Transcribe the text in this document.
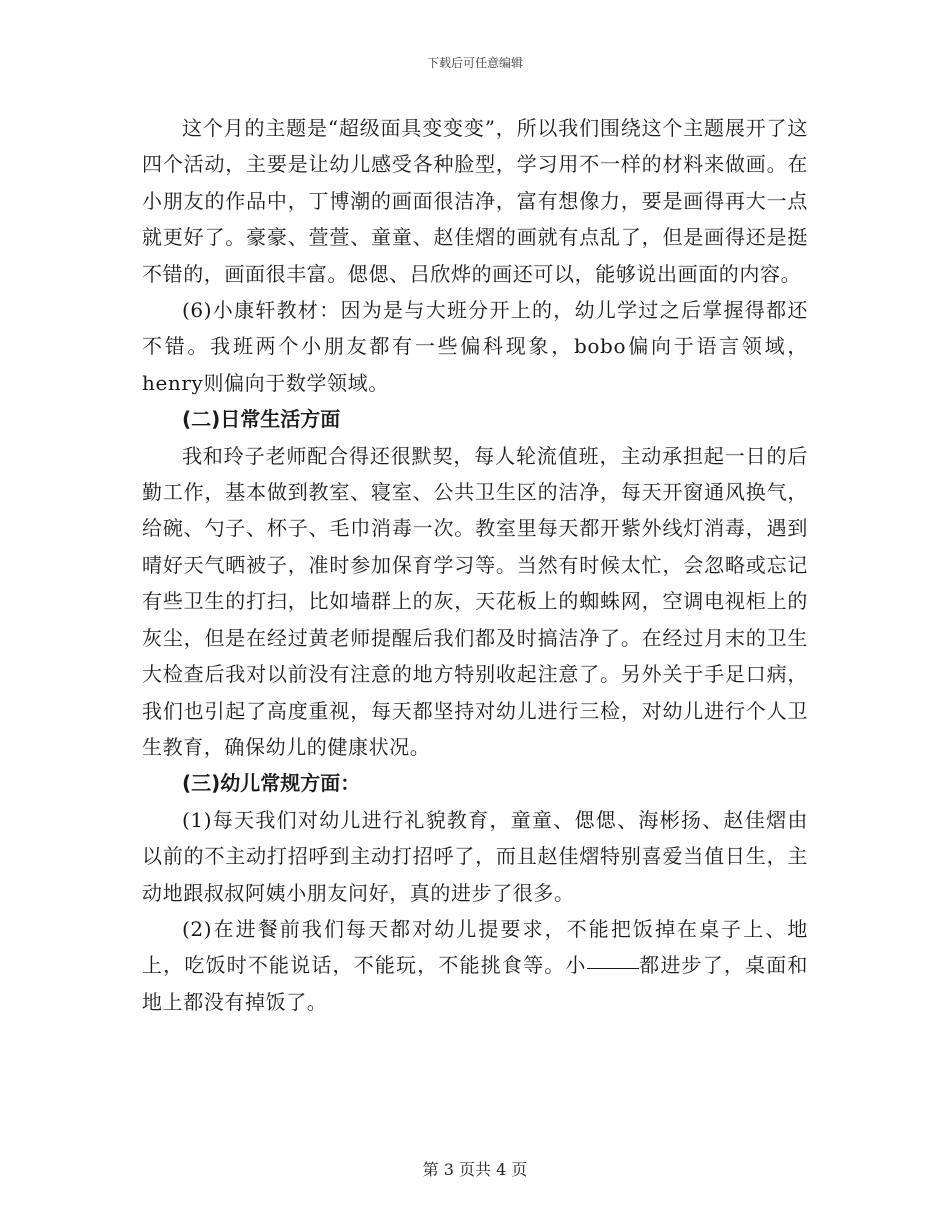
下载后可任意编辑

这个月的主题是“超级面具变变变”，所以我们围绕这个主题展开了这四个活动，主要是让幼儿感受各种脸型，学习用不一样的材料来做画。在小朋友的作品中，丁博潮的画面很洁净，富有想像力，要是画得再大一点就更好了。豪豪、萱萱、童童、赵佳熠的画就有点乱了，但是画得还是挺不错的，画面很丰富。偲偲、吕欣烨的画还可以，能够说出画面的内容。

(6)小康轩教材：因为是与大班分开上的，幼儿学过之后掌握得都还不错。我班两个小朋友都有一些偏科现象，bobo偏向于语言领域，henry则偏向于数学领域。

(二)日常生活方面

我和玲子老师配合得还很默契，每人轮流值班，主动承担起一日的后勤工作，基本做到教室、寝室、公共卫生区的洁净，每天开窗通风换气，给碗、勺子、杯子、毛巾消毒一次。教室里每天都开紫外线灯消毒，遇到晴好天气晒被子，准时参加保育学习等。当然有时候太忙，会忽略或忘记有些卫生的打扫，比如墙群上的灰，天花板上的蜘蛛网，空调电视柜上的灰尘，但是在经过黄老师提醒后我们都及时搞洁净了。在经过月末的卫生大检查后我对以前没有注意的地方特别收起注意了。另外关于手足口病，我们也引起了高度重视，每天都坚持对幼儿进行三检，对幼儿进行个人卫生教育，确保幼儿的健康状况。

(三)幼儿常规方面：

(1)每天我们对幼儿进行礼貌教育，童童、偲偲、海彬扬、赵佳熠由以前的不主动打招呼到主动打招呼了，而且赵佳熠特别喜爱当值日生，主动地跟叔叔阿姨小朋友问好，真的进步了很多。

(2)在进餐前我们每天都对幼儿提要求，不能把饭掉在桌子上、地上，吃饭时不能说话，不能玩，不能挑食等。小	都进步了，桌面和地上都没有掉饭了。

第 3 页共 4 页
